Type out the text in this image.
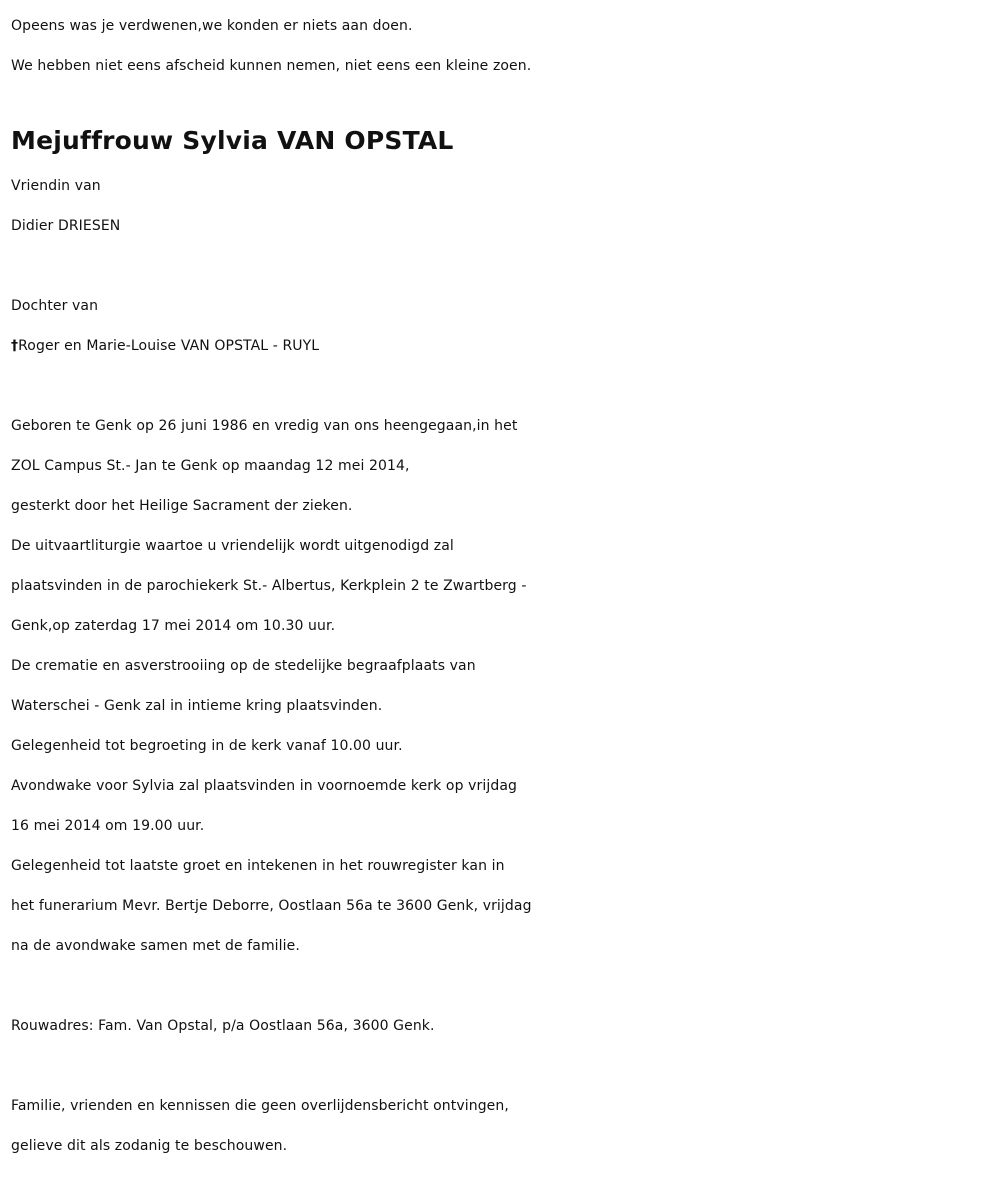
Opeens was je verdwenen,we konden er niets aan doen.
We hebben niet eens afscheid kunnen nemen, niet eens een kleine zoen.
Mejuffrouw Sylvia VAN OPSTAL
Vriendin van
Didier DRIESEN
Dochter van
†Roger en Marie-Louise VAN OPSTAL - RUYL
Geboren te Genk op 26 juni 1986 en vredig van ons heengegaan,in het
ZOL Campus St.- Jan te Genk op maandag 12 mei 2014,
gesterkt door het Heilige Sacrament der zieken.
De uitvaartliturgie waartoe u vriendelijk wordt uitgenodigd zal
plaatsvinden in de parochiekerk St.- Albertus, Kerkplein 2 te Zwartberg -
Genk,op zaterdag 17 mei 2014 om 10.30 uur.
De crematie en asverstrooiing op de stedelijke begraafplaats van
Waterschei - Genk zal in intieme kring plaatsvinden.
Gelegenheid tot begroeting in de kerk vanaf 10.00 uur.
Avondwake voor Sylvia zal plaatsvinden in voornoemde kerk op vrijdag
16 mei 2014 om 19.00 uur.
Gelegenheid tot laatste groet en intekenen in het rouwregister kan in
het funerarium Mevr. Bertje Deborre, Oostlaan 56a te 3600 Genk, vrijdag
na de avondwake samen met de familie.
Rouwadres: Fam. Van Opstal, p/a Oostlaan 56a, 3600 Genk.
Familie, vrienden en kennissen die geen overlijdensbericht ontvingen,
gelieve dit als zodanig te beschouwen.
